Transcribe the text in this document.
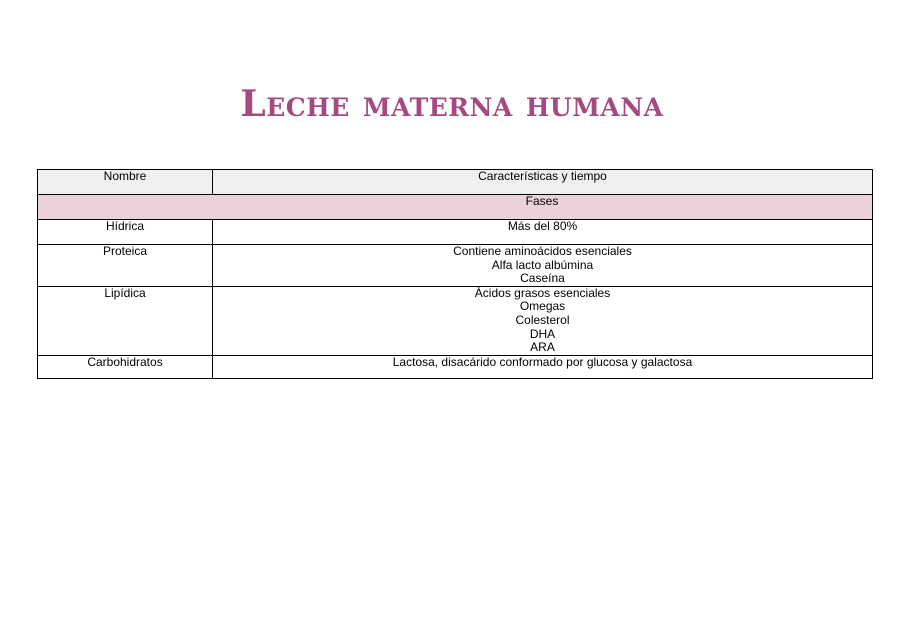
Leche materna humana
Nombre	Características y tiempo
Fases	
Hídrica	Más del 80%

Proteica	Contiene aminoácidos esenciales
Alfa lacto albúmina
Caseína

Lipídica	Ácidos grasos esenciales
Omegas
Colesterol
DHA
ARA

Carbohidratos	Lactosa, disacárido conformado por glucosa y galactosa
